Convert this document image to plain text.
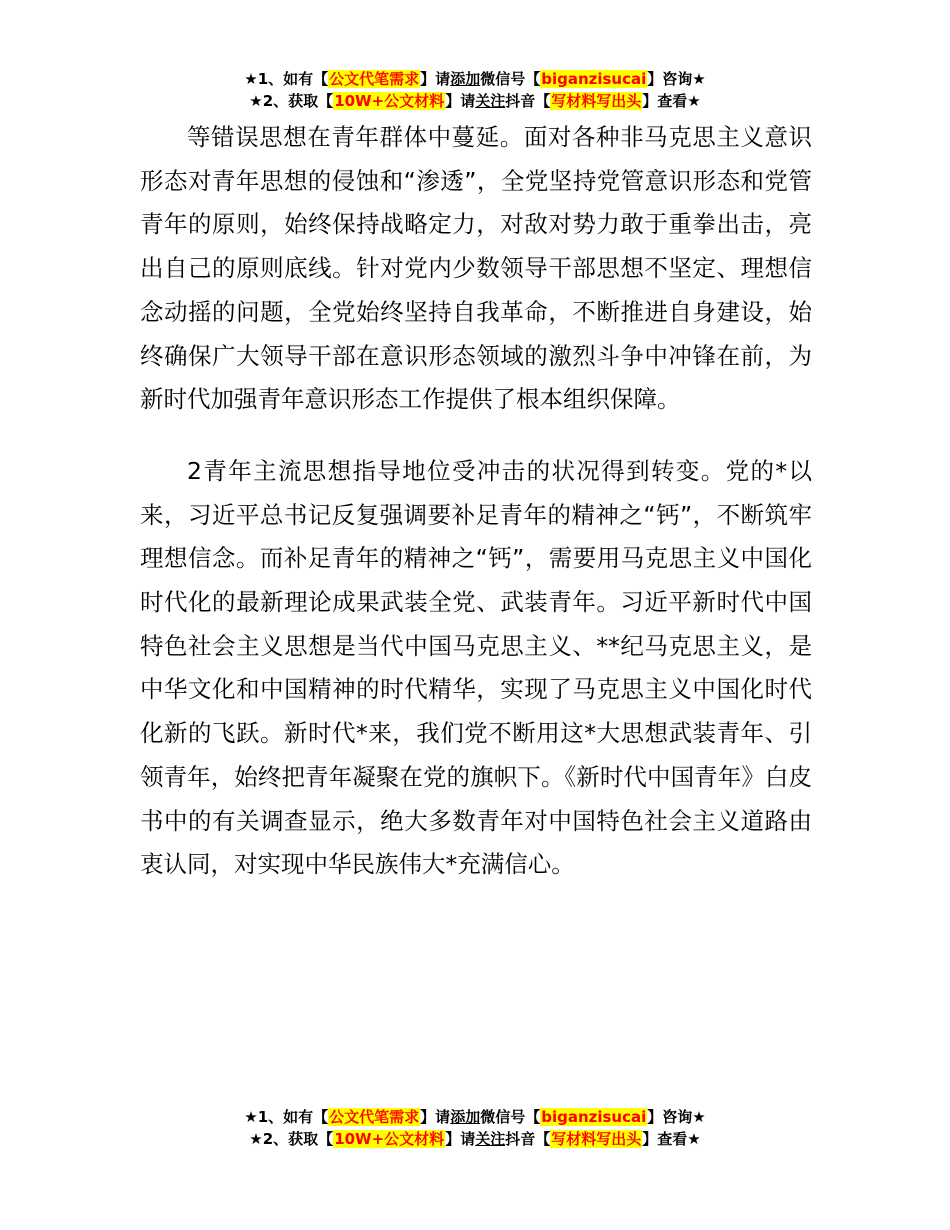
★1、如有【公文代笔需求】请添加微信号【biganzisucai】咨询★
★2、获取【10W+公文材料】请关注抖音【写材料写出头】查看★

等错误思想在青年群体中蔓延。面对各种非马克思主义意识形态对青年思想的侵蚀和“渗透”，全党坚持党管意识形态和党管青年的原则，始终保持战略定力，对敌对势力敢于重拳出击，亮出自己的原则底线。针对党内少数领导干部思想不坚定、理想信念动摇的问题，全党始终坚持自我革命，不断推进自身建设，始终确保广大领导干部在意识形态领域的激烈斗争中冲锋在前，为新时代加强青年意识形态工作提供了根本组织保障。

2青年主流思想指导地位受冲击的状况得到转变。党的*以来，习近平总书记反复强调要补足青年的精神之“钙”，不断筑牢理想信念。而补足青年的精神之“钙”，需要用马克思主义中国化时代化的最新理论成果武装全党、武装青年。习近平新时代中国特色社会主义思想是当代中国马克思主义、**纪马克思主义，是中华文化和中国精神的时代精华，实现了马克思主义中国化时代化新的飞跃。新时代*来，我们党不断用这*大思想武装青年、引领青年，始终把青年凝聚在党的旗帜下。《新时代中国青年》白皮书中的有关调查显示，绝大多数青年对中国特色社会主义道路由衷认同，对实现中华民族伟大*充满信心。

★1、如有【公文代笔需求】请添加微信号【biganzisucai】咨询★
★2、获取【10W+公文材料】请关注抖音【写材料写出头】查看★
